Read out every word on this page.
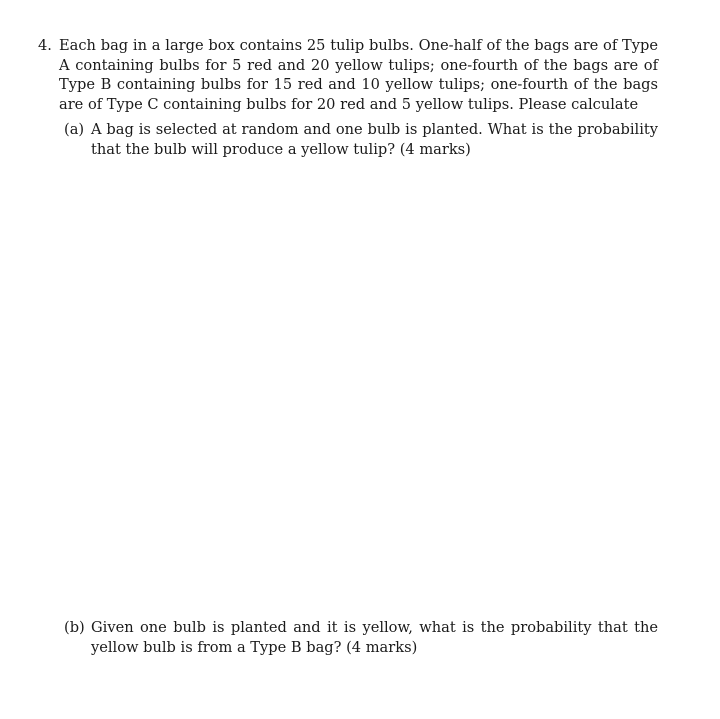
4. Each bag in a large box contains 25 tulip bulbs. One-half of the bags are of Type A containing bulbs for 5 red and 20 yellow tulips; one-fourth of the bags are of Type B containing bulbs for 15 red and 10 yellow tulips; one-fourth of the bags are of Type C containing bulbs for 20 red and 5 yellow tulips. Please calculate
(a) A bag is selected at random and one bulb is planted. What is the probability that the bulb will produce a yellow tulip? (4 marks)
(b) Given one bulb is planted and it is yellow, what is the probability that the yellow bulb is from a Type B bag? (4 marks)
